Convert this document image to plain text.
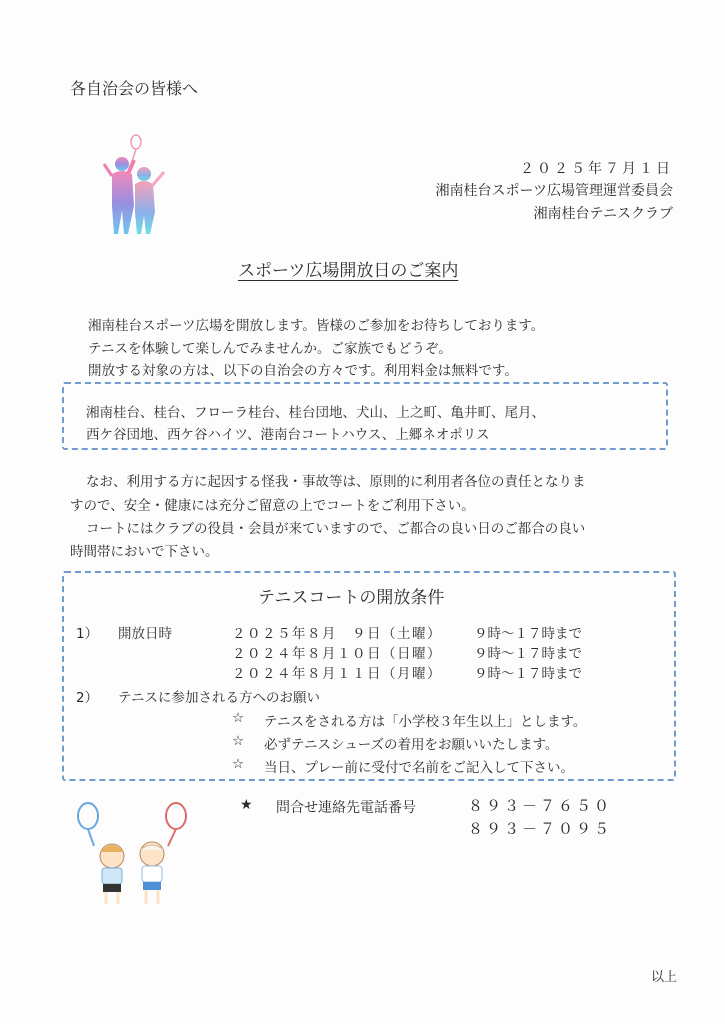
各自治会の皆様へ
２０２５年７月１日
湘南桂台スポーツ広場管理運営委員会
湘南桂台テニスクラブ
スポーツ広場開放日のご案内
湘南桂台スポーツ広場を開放します。皆様のご参加をお待ちしております。
テニスを体験して楽しんでみませんか。ご家族でもどうぞ。
開放する対象の方は、以下の自治会の方々です。利用料金は無料です。
湘南桂台、桂台、フローラ桂台、桂台団地、犬山、上之町、亀井町、尾月、
西ケ谷団地、西ケ谷ハイツ、港南台コートハウス、上郷ネオポリス
なお、利用する方に起因する怪我・事故等は、原則的に利用者各位の責任となりま
すので、安全・健康には充分ご留意の上でコートをご利用下さい。
コートにはクラブの役員・会員が来ていますので、ご都合の良い日のご都合の良い
時間帯においで下さい。
テニスコートの開放条件
1） 開放日時	２０２５年８月　９日（土曜） ９時～１７時まで
２０２４年８月１０日（日曜） ９時～１７時まで
２０２４年８月１１日（月曜） ９時～１７時まで
2） テニスに参加される方へのお願い
☆ テニスをされる方は「小学校３年生以上」とします。
☆ 必ずテニスシューズの着用をお願いいたします。
☆ 当日、プレー前に受付で名前をご記入して下さい。
★ 問合せ連絡先電話番号	８９３－７６５０
８９３－７０９５
以上
